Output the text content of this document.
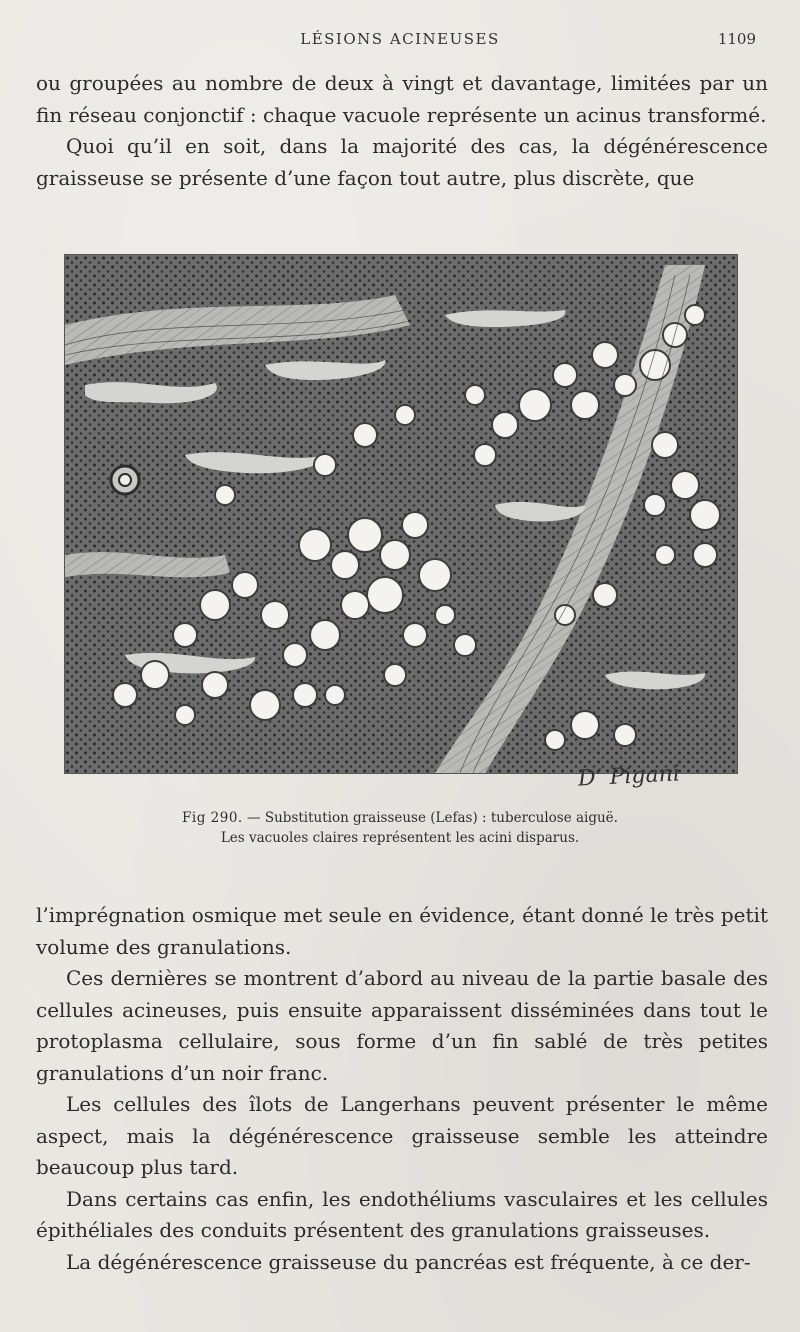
LÉSIONS ACINEUSES	1109

ou groupées au nombre de deux à vingt et davantage, limitées par un fin réseau conjonctif : chaque vacuole représente un acinus transformé.

Quoi qu’il en soit, dans la majorité des cas, la dégénérescence graisseuse se présente d’une façon tout autre, plus discrète, que

D’ Pigani
Fig 290. — Substitution graisseuse (Lefas) : tuberculose aiguë.
Les vacuoles claires représentent les acini disparus.

l’imprégnation osmique met seule en évidence, étant donné le très petit volume des granulations.

Ces dernières se montrent d’abord au niveau de la partie basale des cellules acineuses, puis ensuite apparaissent disséminées dans tout le protoplasma cellulaire, sous forme d’un fin sablé de très petites granulations d’un noir franc.

Les cellules des îlots de Langerhans peuvent présenter le même aspect, mais la dégénérescence graisseuse semble les atteindre beaucoup plus tard.

Dans certains cas enfin, les endothéliums vasculaires et les cellules épithéliales des conduits présentent des granulations graisseuses.

La dégénérescence graisseuse du pancréas est fréquente, à ce der-
